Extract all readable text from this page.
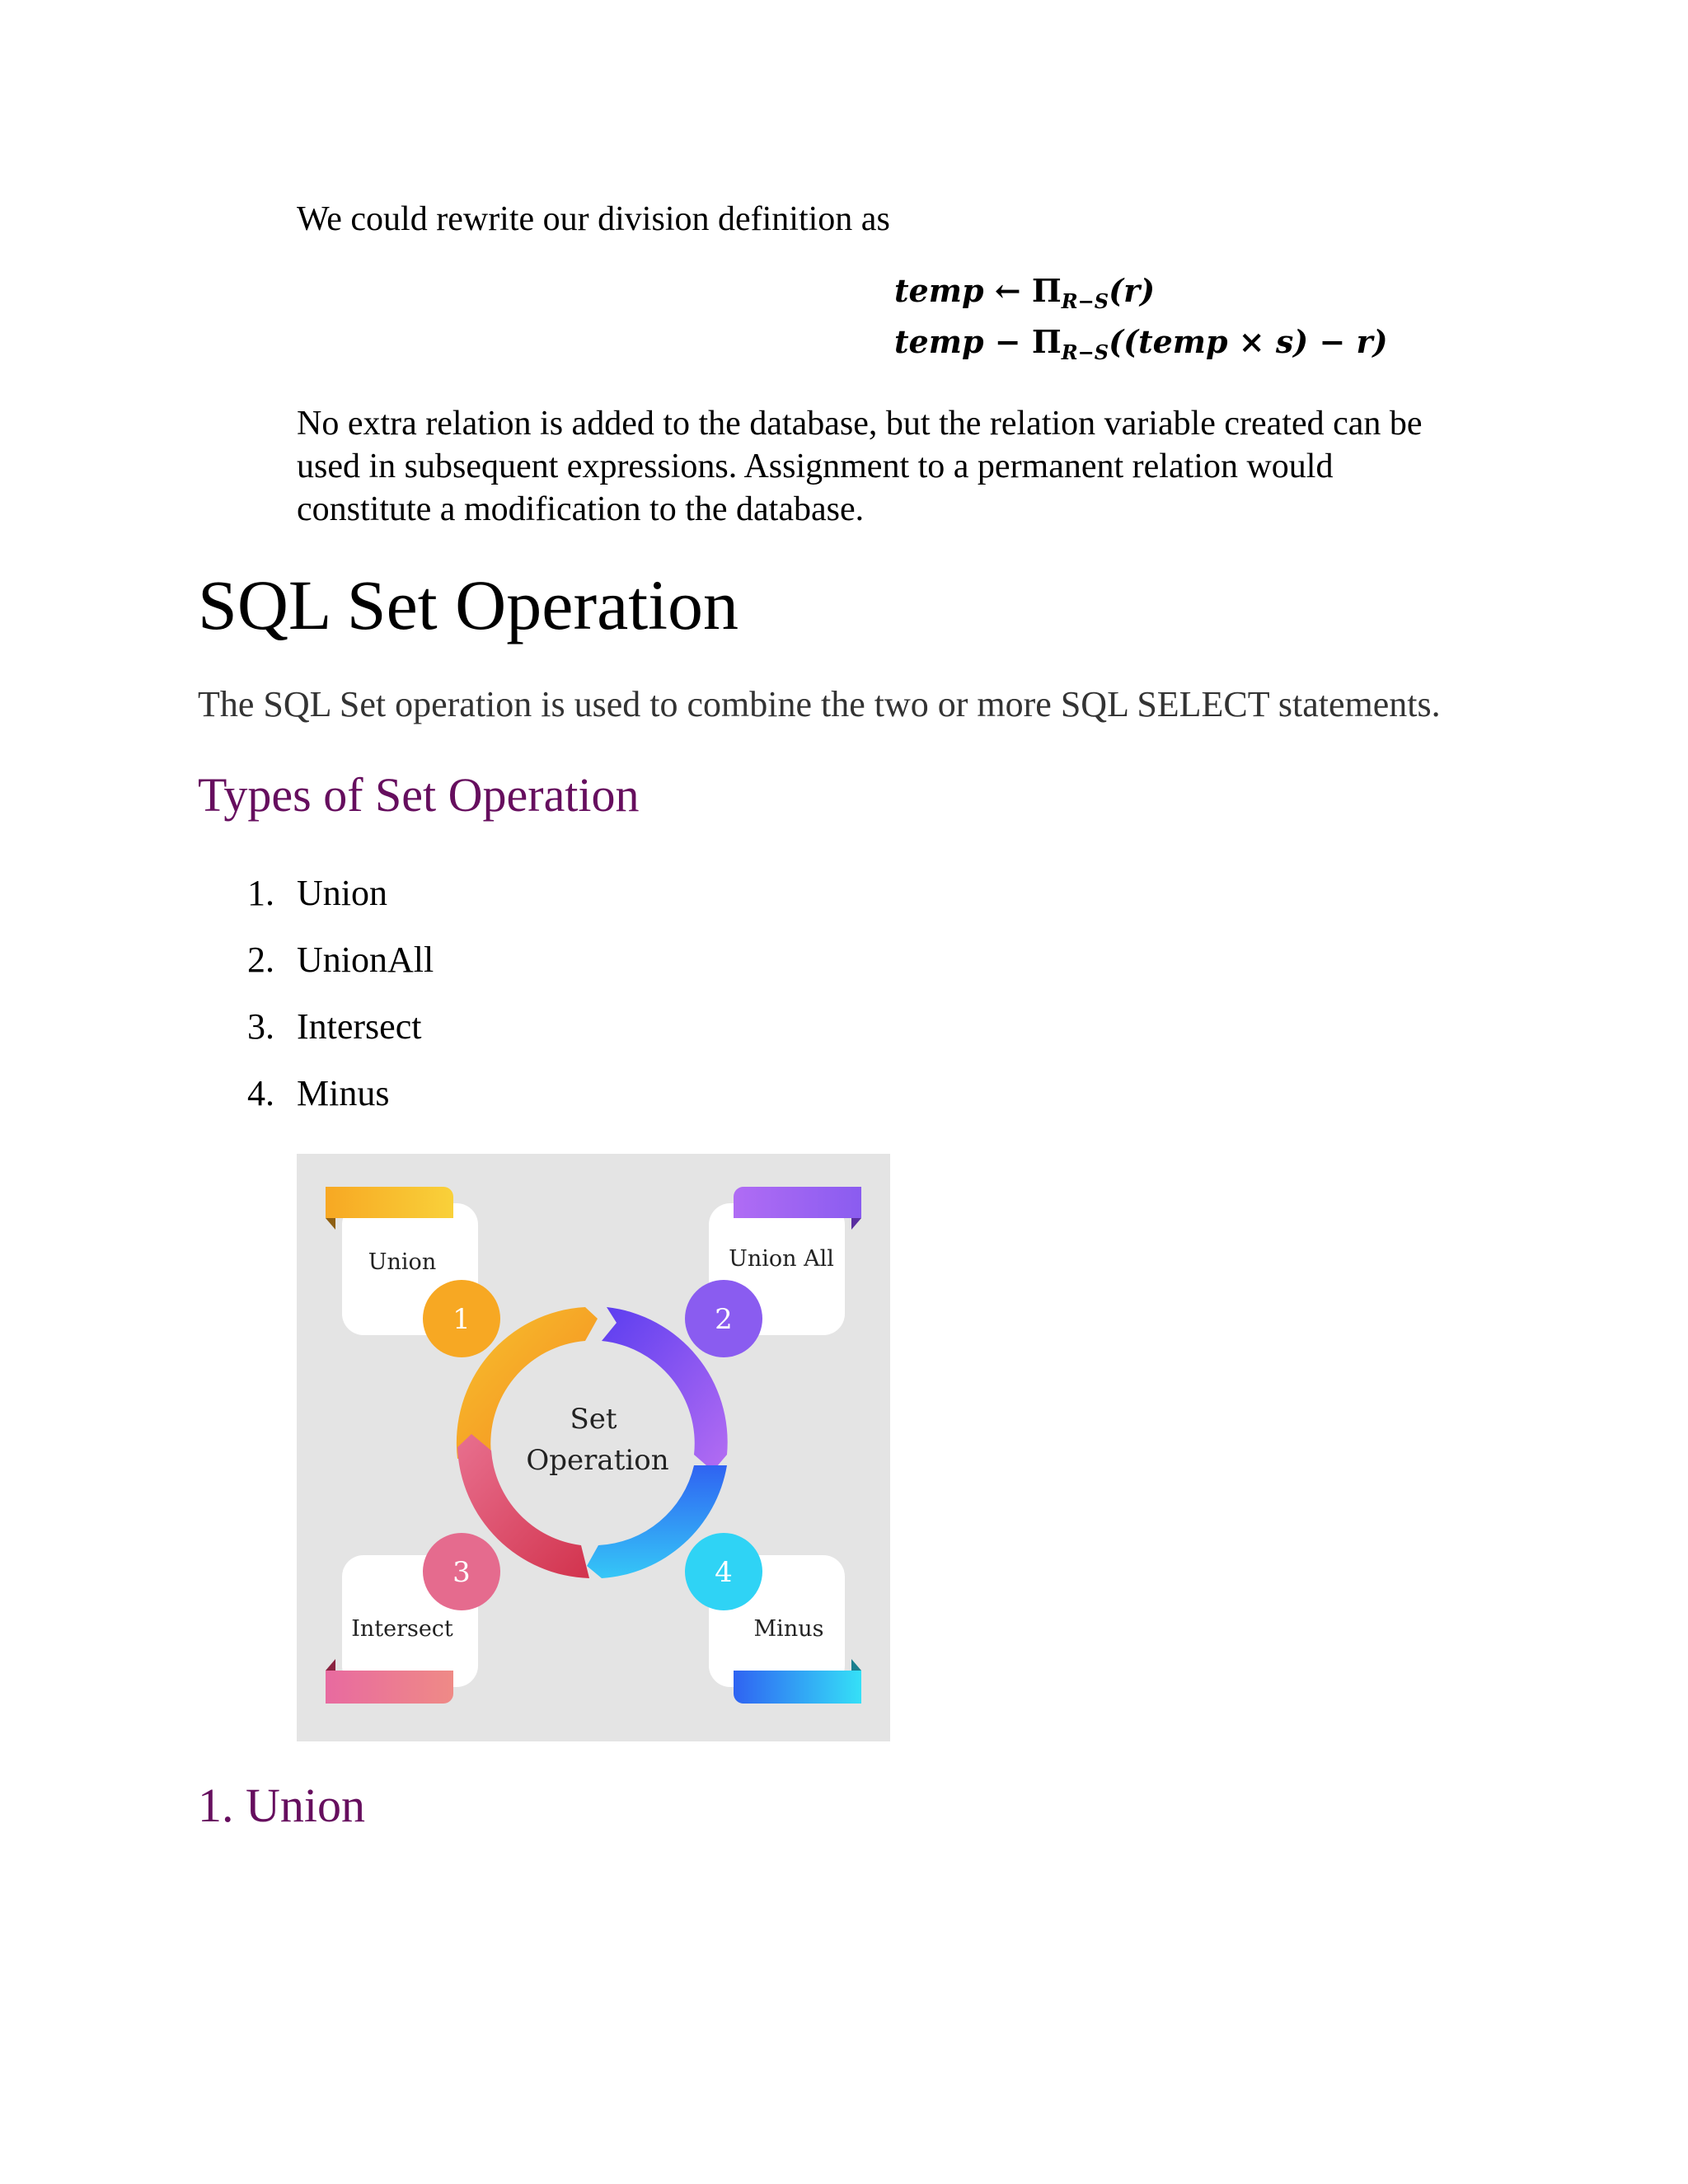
We could rewrite our division definition as
temp ← $\Pi_{R-S}(r)$
temp − $\Pi_{R-S}((temp \times s) - r)$
No extra relation is added to the database, but the relation variable created can be used in subsequent expressions. Assignment to a permanent relation would constitute a modification to the database.
SQL Set Operation
The SQL Set operation is used to combine the two or more SQL SELECT statements.
Types of Set Operation
1. Union
2. UnionAll
3. Intersect
4. Minus
Union
1
Union All
2
Intersect
3
Minus
4
Set
Operation
1. Union
